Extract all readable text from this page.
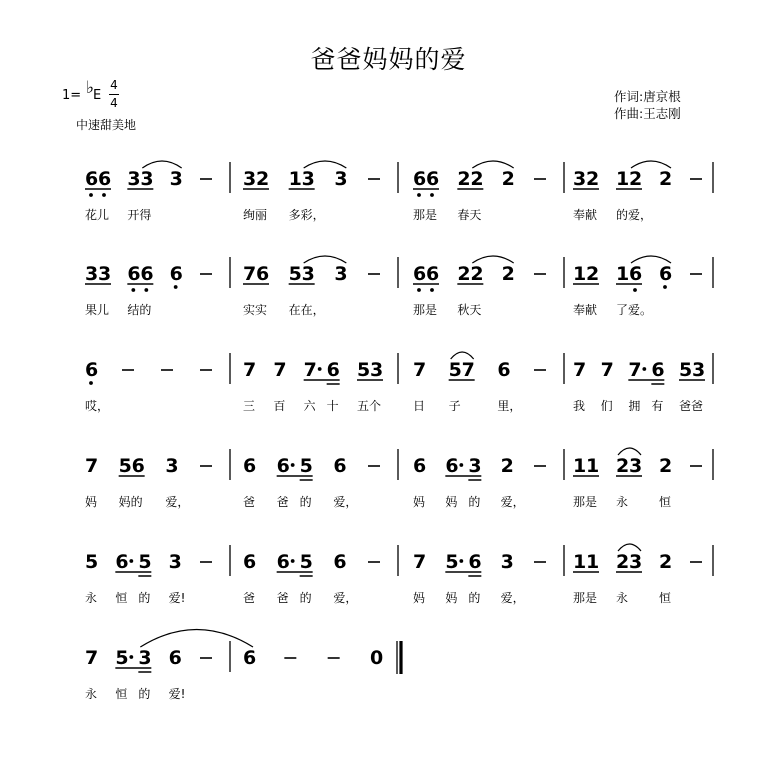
爸爸妈妈的爱
1= ♭
E
4
4
中速甜美地
作词:唐京根
作曲:王志刚
6 6 3 3 3
花儿 开得
3 2 1 3 3
绚丽 多彩，
6 6 2 2 2
那是 春天
3 2 1 2 2
奉献 的爱，
3 3 6 6 6
果儿 结的
7 6 5 3 3
实实 在在，
6 6 2 2 2
那是 秋天
1 2 1 6 6
奉献 了爱。
6
哎，
7 7 7 6 5 3
三 百 六 十 五个
7 5 7 6
日 子	里，
7 7 7 6 5 3
我 们 拥 有 爸爸
7 5 6 3
妈 妈的 爱，
6 6 5 6
爸 爸 的 爱，
6 6 3 2
妈 妈 的 爱，
1 1 2 3 2
那是 永	恒
5 6 5 3
永 恒 的 爱!
6 6 5 6
爸 爸 的 爱，
7 5 6 3
妈 妈 的 爱，
1 1 2 3 2
那是 永	恒
7 5 3 6
永 恒 的 爱!
6	0
